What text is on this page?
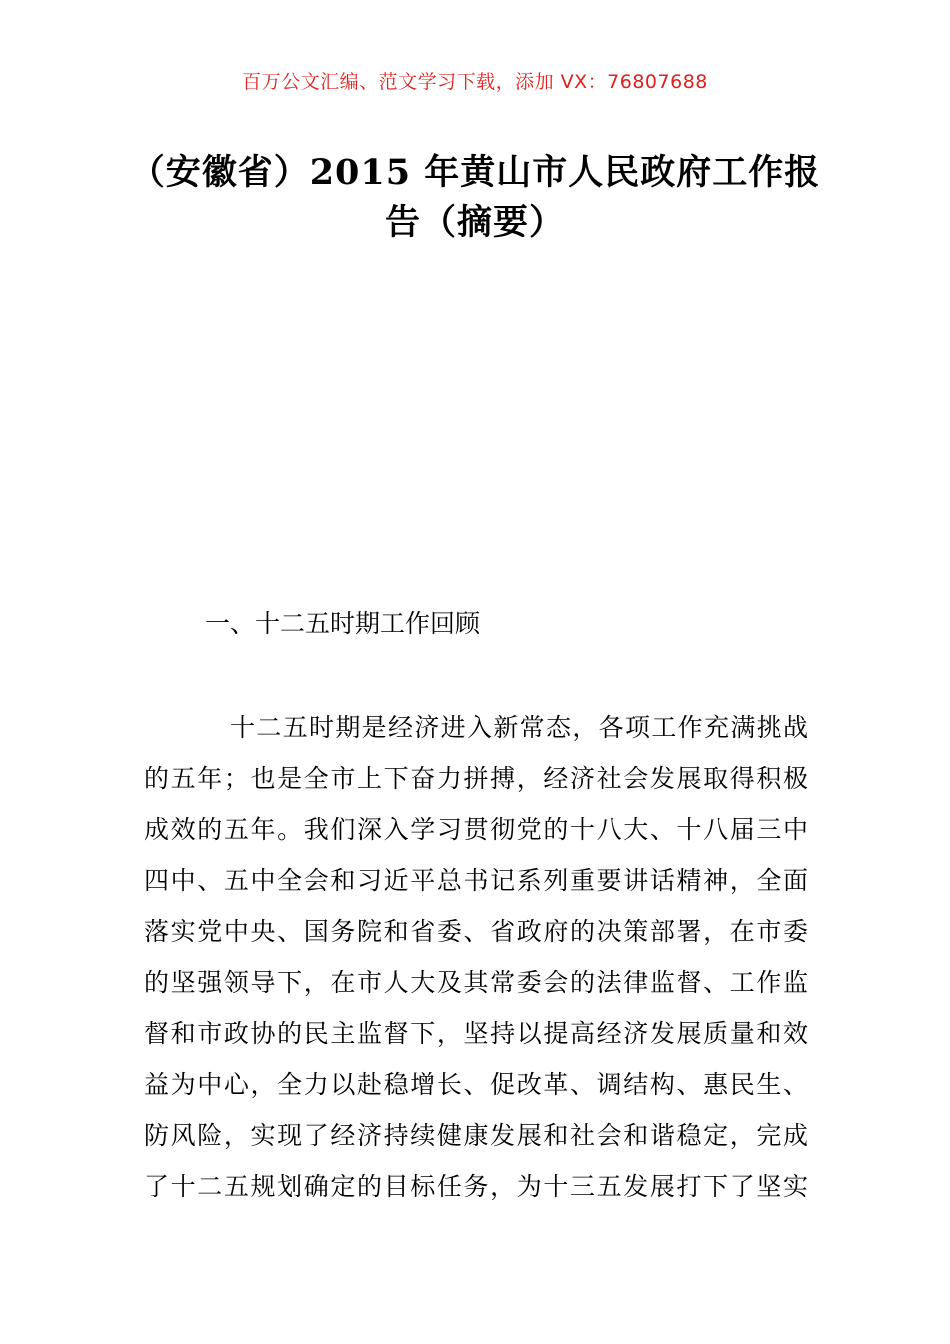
百万公文汇编、范文学习下载，添加 VX：76807688
（安徽省）2015 年黄山市人民政府工作报
告（摘要）
一、十二五时期工作回顾
十二五时期是经济进入新常态，各项工作充满挑战
的五年；也是全市上下奋力拼搏，经济社会发展取得积极
成效的五年。我们深入学习贯彻党的十八大、十八届三中
四中、五中全会和习近平总书记系列重要讲话精神，全面
落实党中央、国务院和省委、省政府的决策部署，在市委
的坚强领导下，在市人大及其常委会的法律监督、工作监
督和市政协的民主监督下，坚持以提高经济发展质量和效
益为中心，全力以赴稳增长、促改革、调结构、惠民生、
防风险，实现了经济持续健康发展和社会和谐稳定，完成
了十二五规划确定的目标任务，为十三五发展打下了坚实
